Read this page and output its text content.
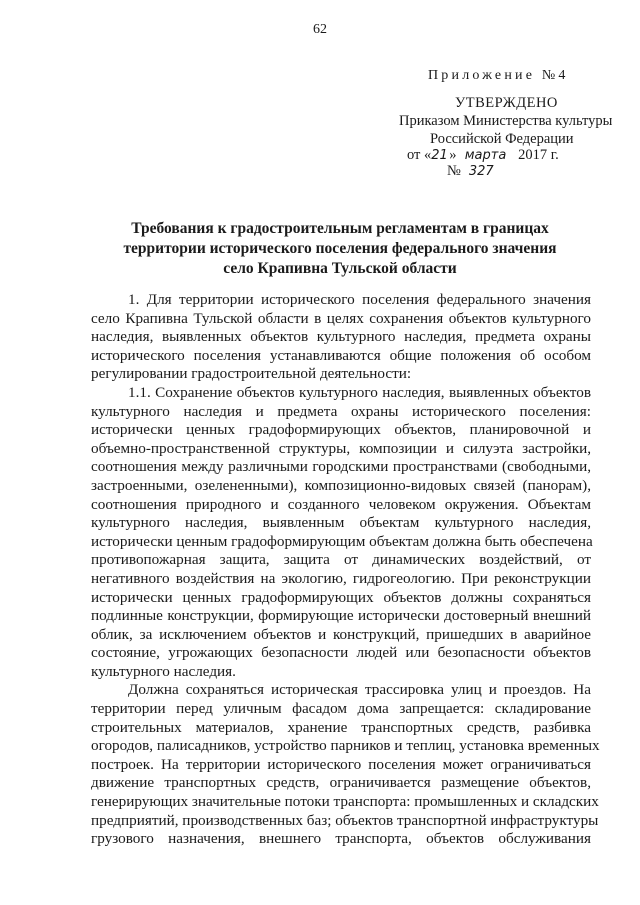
62
Приложение №4
УТВЕРЖДЕНО
Приказом Министерства культуры
Российской Федерации
от «21» марта 2017 г.
№ 327
Требования к градостроительным регламентам в границах
территории исторического поселения федерального значения
село Крапивна Тульской области

1. Для территории исторического поселения федерального значения
село Крапивна Тульской области в целях сохранения объектов культурного
наследия, выявленных объектов культурного наследия, предмета охраны
исторического поселения устанавливаются общие положения об особом
регулировании градостроительной деятельности:

1.1. Сохранение объектов культурного наследия, выявленных объектов
культурного наследия и предмета охраны исторического поселения:
исторически ценных градоформирующих объектов, планировочной и
объемно-пространственной структуры, композиции и силуэта застройки,
соотношения между различными городскими пространствами (свободными,
застроенными, озелененными), композиционно-видовых связей (панорам),
соотношения природного и созданного человеком окружения. Объектам
культурного наследия, выявленным объектам культурного наследия,
исторически ценным градоформирующим объектам должна быть обеспечена
противопожарная защита, защита от динамических воздействий, от
негативного воздействия на экологию, гидрогеологию. При реконструкции
исторически ценных градоформирующих объектов должны сохраняться
подлинные конструкции, формирующие исторически достоверный внешний
облик, за исключением объектов и конструкций, пришедших в аварийное
состояние, угрожающих безопасности людей или безопасности объектов
культурного наследия.

Должна сохраняться историческая трассировка улиц и проездов. На
территории перед уличным фасадом дома запрещается: складирование
строительных материалов, хранение транспортных средств, разбивка
огородов, палисадников, устройство парников и теплиц, установка временных
построек. На территории исторического поселения может ограничиваться
движение транспортных средств, ограничивается размещение объектов,
генерирующих значительные потоки транспорта: промышленных и складских
предприятий, производственных баз; объектов транспортной инфраструктуры
грузового назначения, внешнего транспорта, объектов обслуживания
